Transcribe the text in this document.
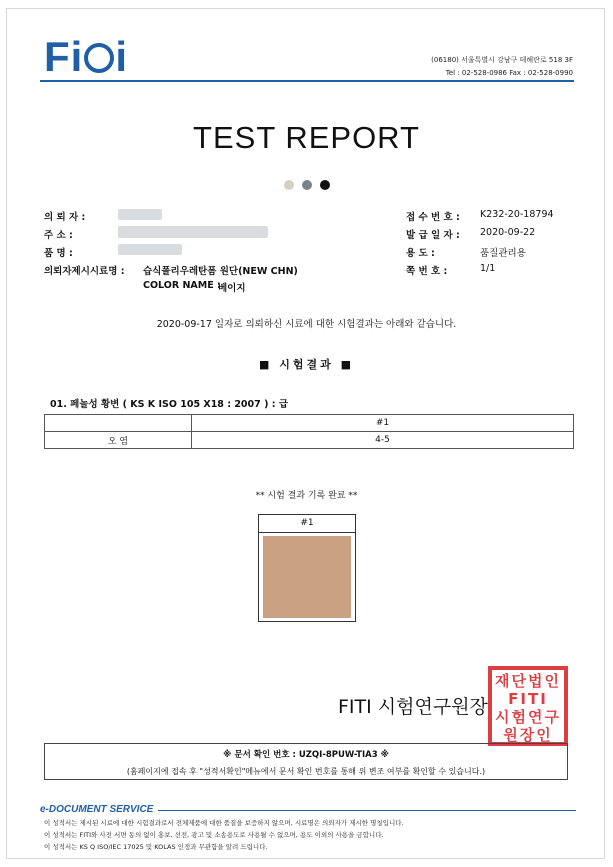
Fi i	(06180) 서울특별시 강남구 테헤란로 518 3F
Tel : 02-528-0986 Fax : 02-528-0990
TEST REPORT
의 뢰 자 :
주 소 :
품 명 :
의뢰자제시시료명 : 습식폴리우레탄폼 원단(NEW CHN)
COLOR NAME :
베이지
접 수 번 호 : K232-20-18794
발 급 일 자 : 2020-09-22
용 도 :	품질관리용
쪽 번 호 :	1/1
2020-09-17 일자로 의뢰하신 시료에 대한 시험결과는 아래와 같습니다.
■ 시험결과 ■
01. 페놀성 황변 ( KS K ISO 105 X18 : 2007 ) : 급
	#1
오 염	4-5
** 시험 결과 기록 완료 **
#1
FITI 시험연구원장
재단법인
FITI
시험연구
원장인
※ 문서 확인 번호 : UZQI-8PUW-TIA3 ※
(홈페이지에 접속 후 "성적서확인"메뉴에서 문서 확인 번호를 통해 위 변조 여부를 확인할 수 있습니다.)
e-DOCUMENT SERVICE
이 성적서는 제시된 시료에 대한 시험결과로서 전체제품에 대한 품질을 보증하지 않으며, 시료명은 의뢰자가 제시한 명칭입니다.
이 성적서는 FITI와 사전 서면 동의 없이 홍보, 선전, 광고 및 소송용도로 사용될 수 없으며, 용도 이외의 사용을 금합니다.
이 성적서는 KS Q ISO/IEC 17025 및 KOLAS 인정과 무관함을 알려 드립니다.
